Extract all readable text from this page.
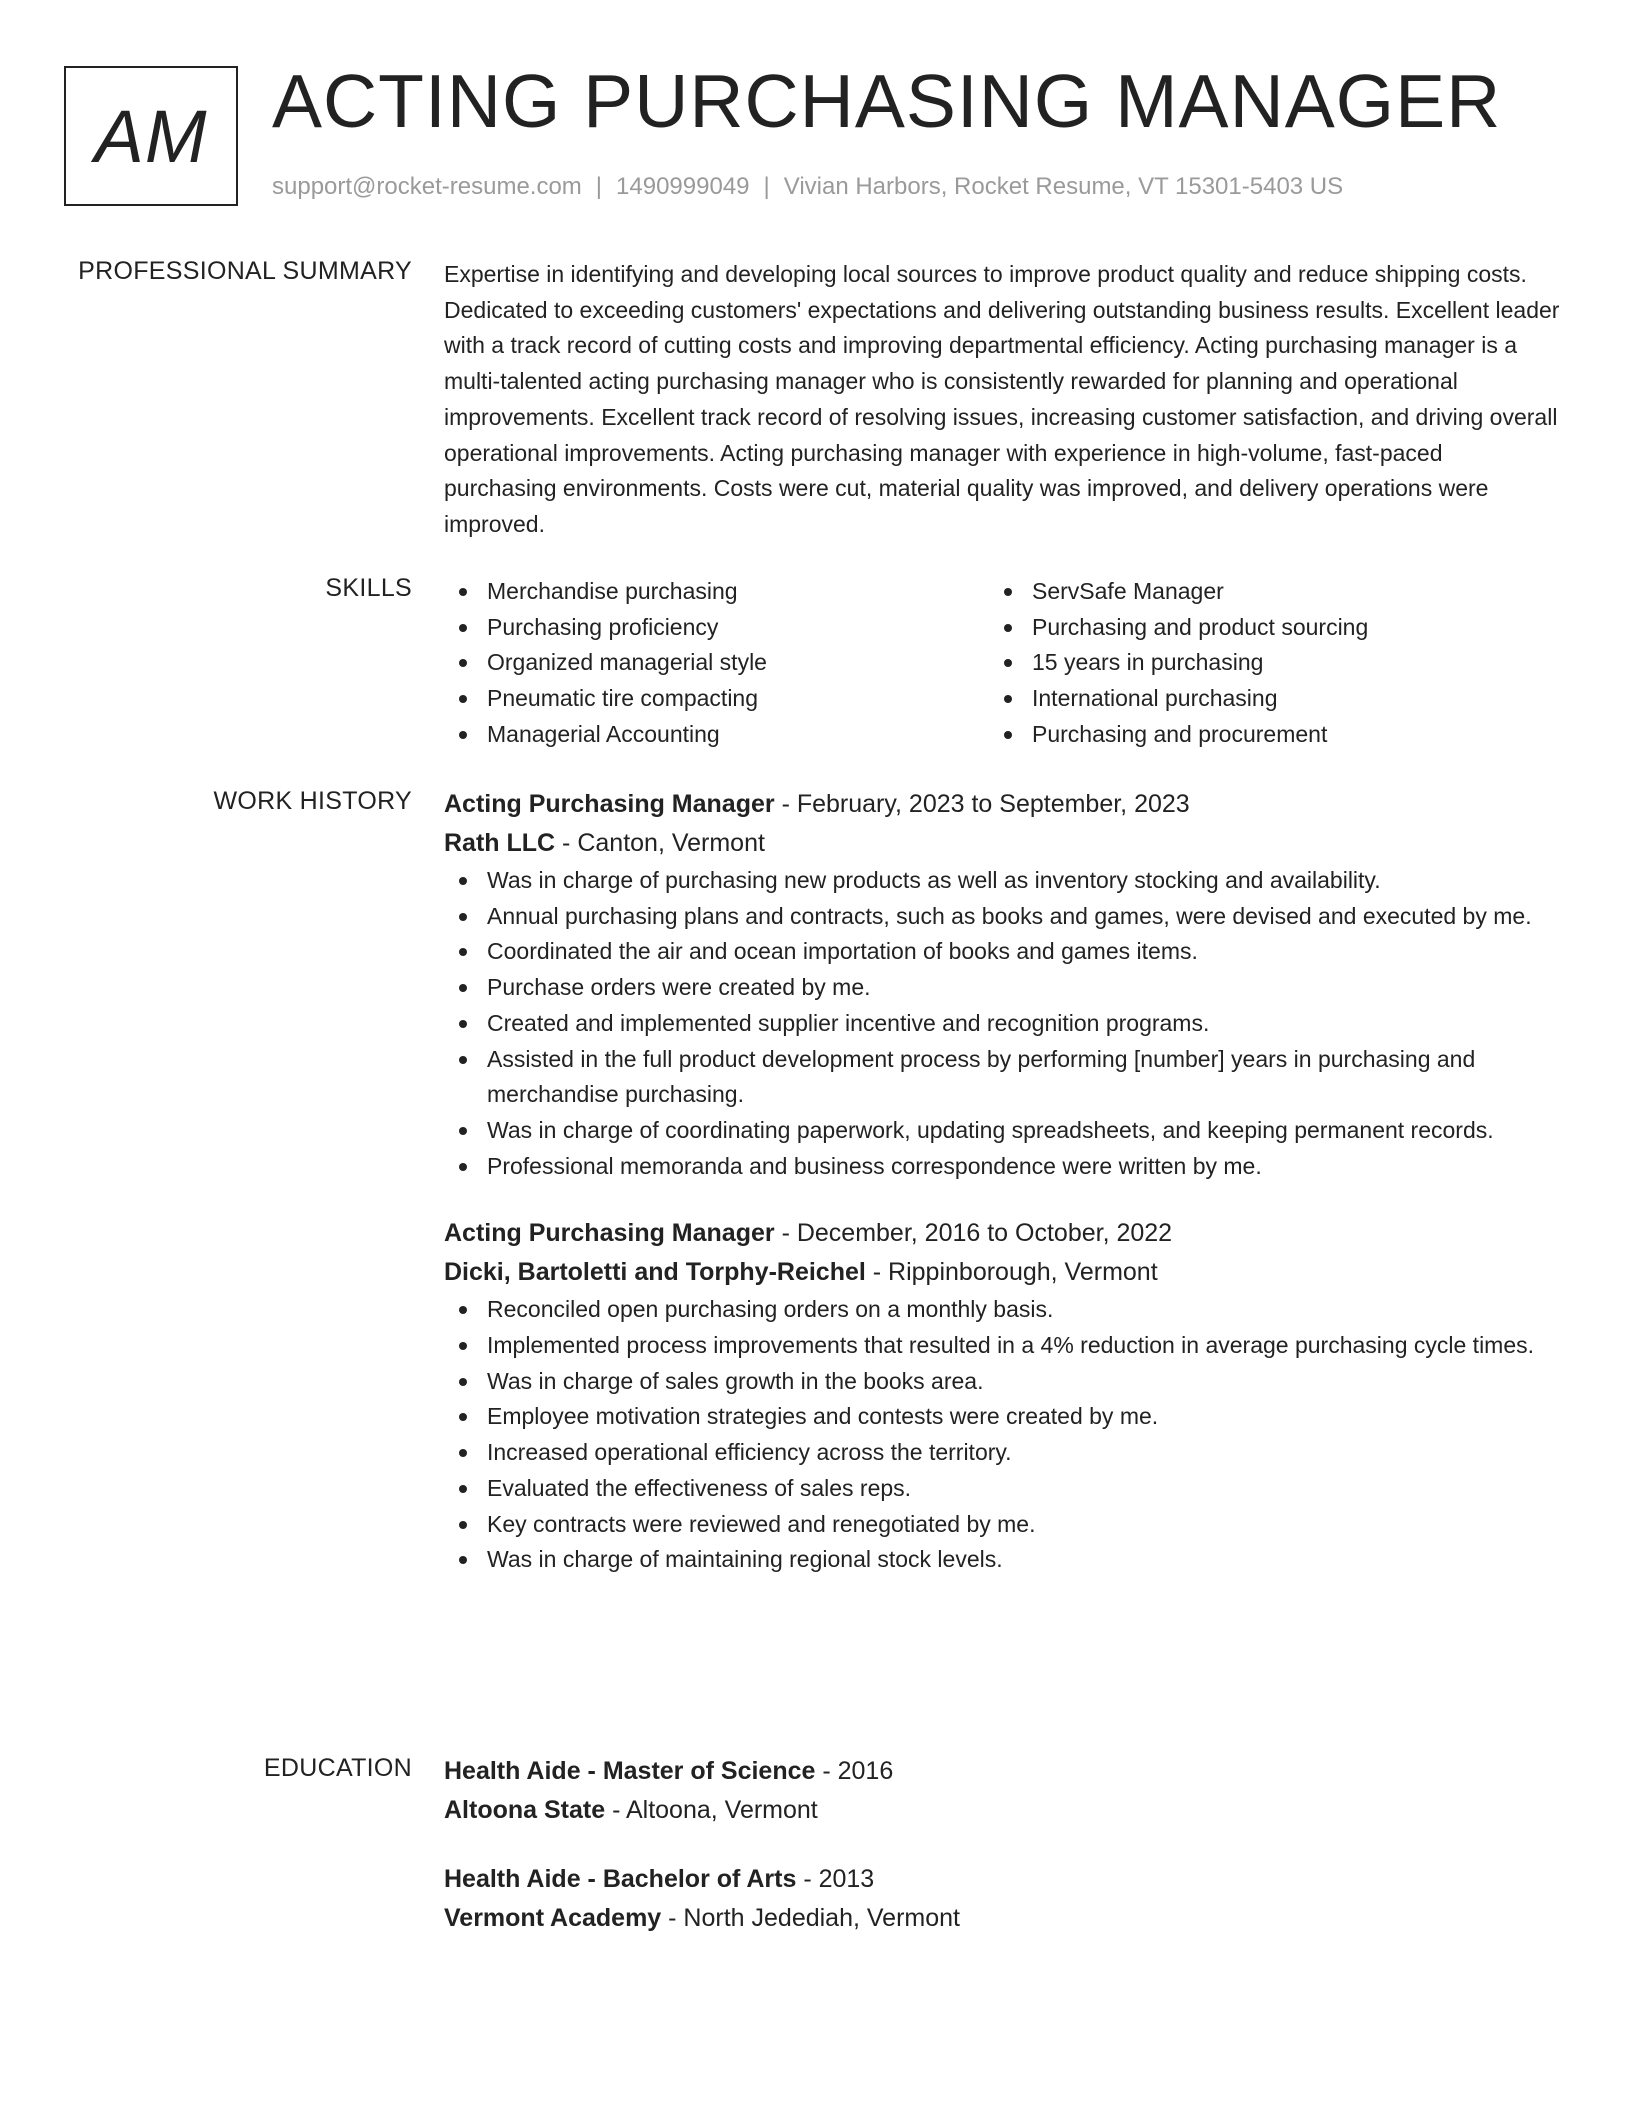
AM ACTING PURCHASING MANAGER
support@rocket-resume.com | 1490999049 | Vivian Harbors, Rocket Resume, VT 15301-5403 US
PROFESSIONAL SUMMARY Expertise in identifying and developing local sources to improve product quality and reduce shipping costs. Dedicated to exceeding customers' expectations and delivering outstanding business results. Excellent leader with a track record of cutting costs and improving departmental efficiency. Acting purchasing manager is a multi-talented acting purchasing manager who is consistently rewarded for planning and operational improvements. Excellent track record of resolving issues, increasing customer satisfaction, and driving overall operational improvements. Acting purchasing manager with experience in high-volume, fast-paced purchasing environments. Costs were cut, material quality was improved, and delivery operations were improved.

SKILLS	Merchandise purchasing
Purchasing proficiency
Organized managerial style
Pneumatic tire compacting
Managerial Accounting
ServSafe Manager
Purchasing and product sourcing
15 years in purchasing
International purchasing
Purchasing and procurement
WORK HISTORY Acting Purchasing Manager - February, 2023 to September, 2023
Rath LLC - Canton, Vermont
Was in charge of purchasing new products as well as inventory stocking and availability.
Annual purchasing plans and contracts, such as books and games, were devised and executed by me.
Coordinated the air and ocean importation of books and games items.
Purchase orders were created by me.
Created and implemented supplier incentive and recognition programs.
Assisted in the full product development process by performing [number] years in purchasing and merchandise purchasing.
Was in charge of coordinating paperwork, updating spreadsheets, and keeping permanent records.
Professional memoranda and business correspondence were written by me.
Acting Purchasing Manager - December, 2016 to October, 2022
Dicki, Bartoletti and Torphy-Reichel - Rippinborough, Vermont
Reconciled open purchasing orders on a monthly basis.
Implemented process improvements that resulted in a 4% reduction in average purchasing cycle times.
Was in charge of sales growth in the books area.
Employee motivation strategies and contests were created by me.
Increased operational efficiency across the territory.
Evaluated the effectiveness of sales reps.
Key contracts were reviewed and renegotiated by me.
Was in charge of maintaining regional stock levels.
EDUCATION Health Aide - Master of Science - 2016
Altoona State - Altoona, Vermont
Health Aide - Bachelor of Arts - 2013
Vermont Academy - North Jedediah, Vermont
